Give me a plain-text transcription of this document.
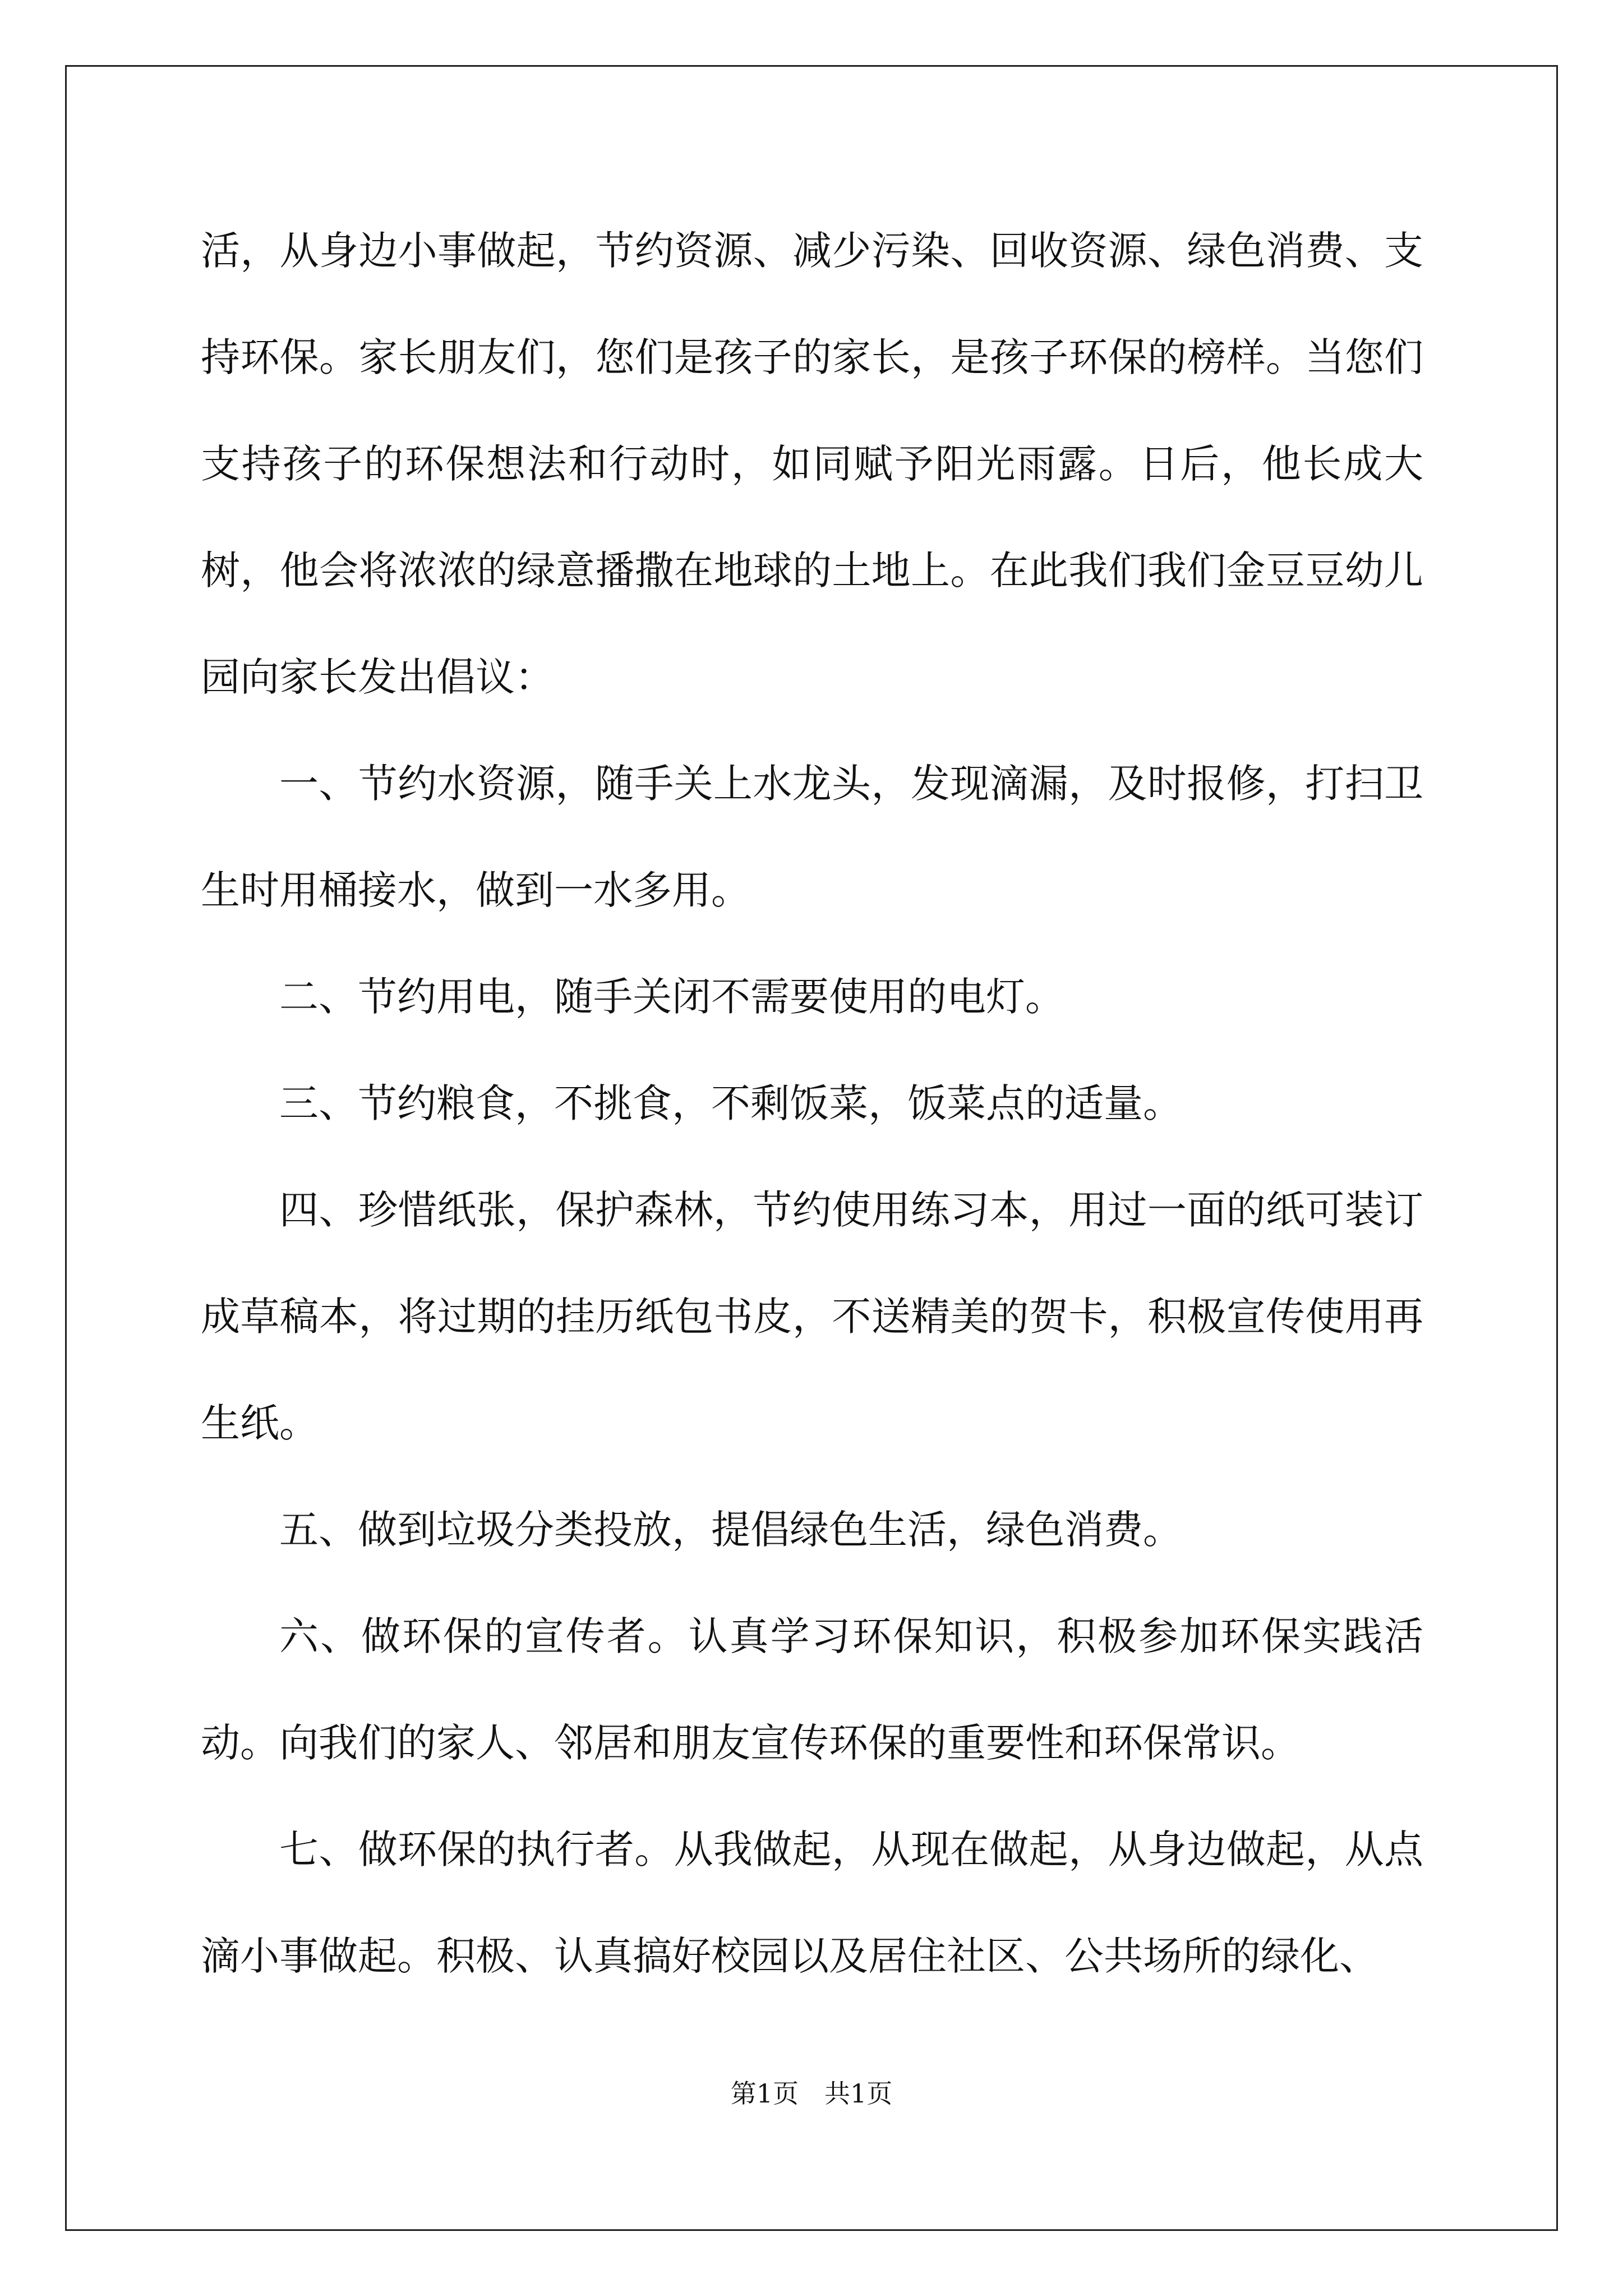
活，从身边小事做起，节约资源、减少污染、回收资源、绿色消费、支持环保。家长朋友们，您们是孩子的家长，是孩子环保的榜样。当您们支持孩子的环保想法和行动时，如同赋予阳光雨露。日后，他长成大树，他会将浓浓的绿意播撒在地球的土地上。在此我们我们金豆豆幼儿园向家长发出倡议：

一、节约水资源，随手关上水龙头，发现滴漏，及时报修，打扫卫生时用桶接水，做到一水多用。

二、节约用电，随手关闭不需要使用的电灯。

三、节约粮食，不挑食，不剩饭菜，饭菜点的适量。

四、珍惜纸张，保护森林，节约使用练习本，用过一面的纸可装订成草稿本，将过期的挂历纸包书皮，不送精美的贺卡，积极宣传使用再生纸。

五、做到垃圾分类投放，提倡绿色生活，绿色消费。

六、做环保的宣传者。认真学习环保知识，积极参加环保实践活动。向我们的家人、邻居和朋友宣传环保的重要性和环保常识。

七、做环保的执行者。从我做起，从现在做起，从身边做起，从点滴小事做起。积极、认真搞好校园以及居住社区、公共场所的绿化、

第1页 共1页
